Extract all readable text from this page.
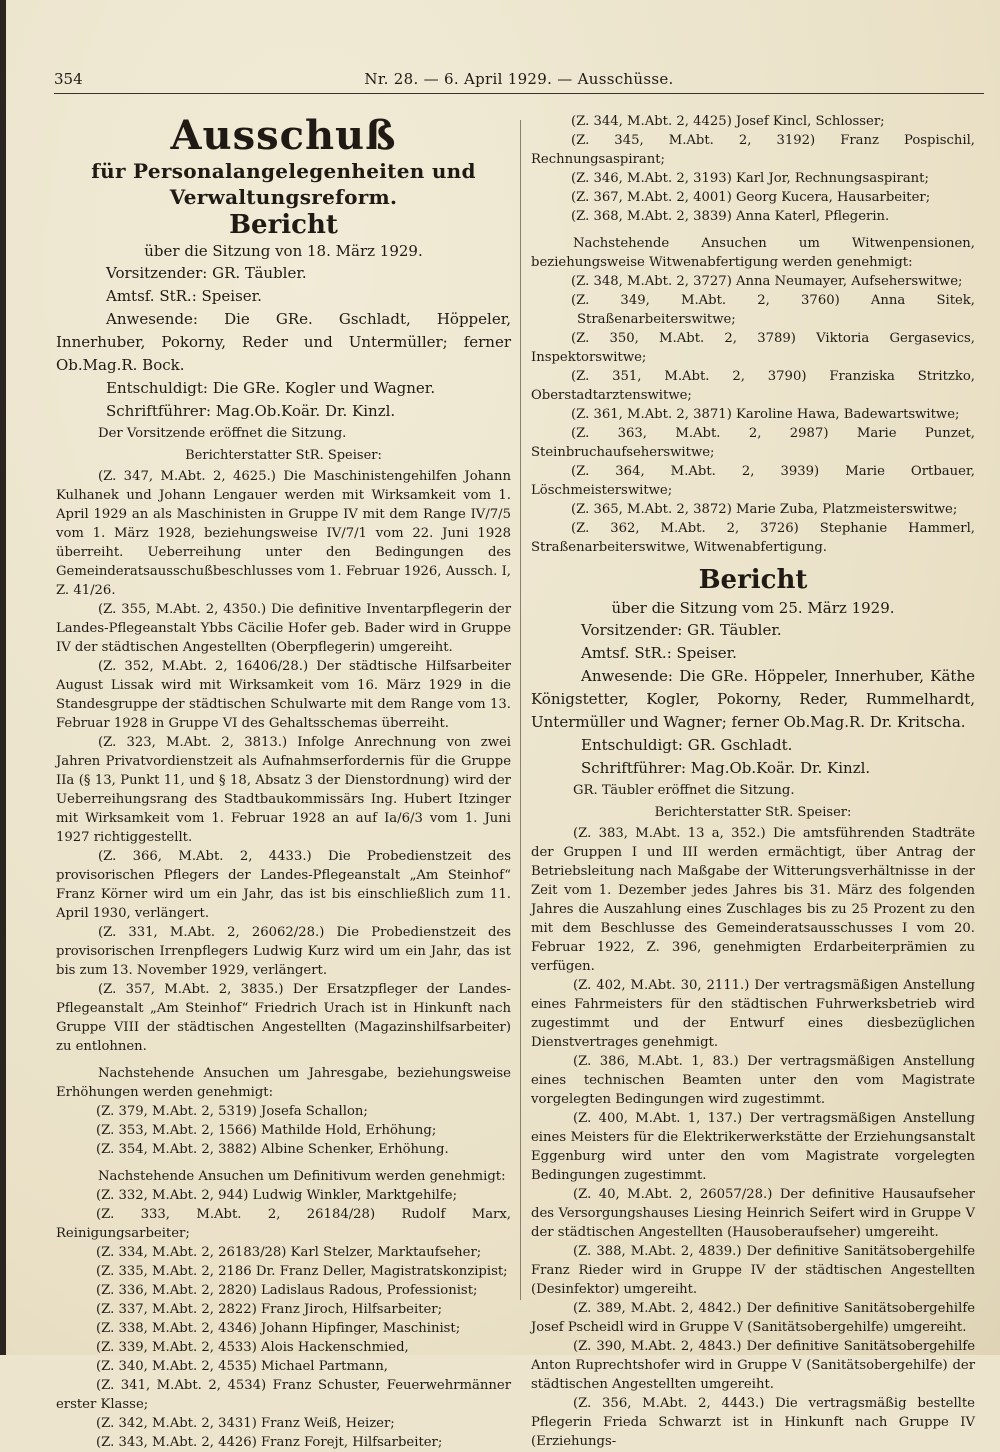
354	Nr. 28. — 6. April 1929. — Ausschüsse.
Ausschuß
für Personalangelegenheiten und Verwaltungsreform.
Bericht
über die Sitzung von 18. März 1929.
Vorsitzender: GR. Täubler.
Amtsf. StR.: Speiser.
Anwesende: Die GRe. Gschladt, Höppeler, Innerhuber, Pokorny, Reder und Untermüller; ferner Ob.Mag.R. Bock.
Entschuldigt: Die GRe. Kogler und Wagner.
Schriftführer: Mag.Ob.Koär. Dr. Kinzl.

Der Vorsitzende eröffnet die Sitzung.

Berichterstatter StR. Speiser:

(Z. 347, M.Abt. 2, 4625.) Die Maschinistengehilfen Johann Kulhanek und Johann Lengauer werden mit Wirksamkeit vom 1. April 1929 an als Maschinisten in Gruppe IV mit dem Range IV/7/5 vom 1. März 1928, beziehungsweise IV/7/1 vom 22. Juni 1928 überreiht. Ueberreihung unter den Bedingungen des Gemeinderatsausschußbeschlusses vom 1. Februar 1926, Aussch. I, Z. 41/26.

(Z. 355, M.Abt. 2, 4350.) Die definitive Inventarpflegerin der Landes-Pflegeanstalt Ybbs Cäcilie Hofer geb. Bader wird in Gruppe IV der städtischen Angestellten (Oberpflegerin) umgereiht.

(Z. 352, M.Abt. 2, 16406/28.) Der städtische Hilfsarbeiter August Lissak wird mit Wirksamkeit vom 16. März 1929 in die Standesgruppe der städtischen Schulwarte mit dem Range vom 13. Februar 1928 in Gruppe VI des Gehaltsschemas überreiht.

(Z. 323, M.Abt. 2, 3813.) Infolge Anrechnung von zwei Jahren Privatvordienstzeit als Aufnahmserfordernis für die Gruppe IIa (§ 13, Punkt 11, und § 18, Absatz 3 der Dienstordnung) wird der Ueberreihungsrang des Stadtbaukommissärs Ing. Hubert Itzinger mit Wirksamkeit vom 1. Februar 1928 an auf Ia/6/3 vom 1. Juni 1927 richtiggestellt.

(Z. 366, M.Abt. 2, 4433.) Die Probedienstzeit des provisorischen Pflegers der Landes-Pflegeanstalt „Am Steinhof“ Franz Körner wird um ein Jahr, das ist bis einschließlich zum 11. April 1930, verlängert.

(Z. 331, M.Abt. 2, 26062/28.) Die Probedienstzeit des provisorischen Irrenpflegers Ludwig Kurz wird um ein Jahr, das ist bis zum 13. November 1929, verlängert.

(Z. 357, M.Abt. 2, 3835.) Der Ersatzpfleger der Landes-Pflegeanstalt „Am Steinhof“ Friedrich Urach ist in Hinkunft nach Gruppe VIII der städtischen Angestellten (Magazinshilfsarbeiter) zu entlohnen.

Nachstehende Ansuchen um Jahresgabe, beziehungsweise Erhöhungen werden genehmigt:

(Z. 379, M.Abt. 2, 5319) Josefa Schallon;

(Z. 353, M.Abt. 2, 1566) Mathilde Hold, Erhöhung;

(Z. 354, M.Abt. 2, 3882) Albine Schenker, Erhöhung.

Nachstehende Ansuchen um Definitivum werden genehmigt:

(Z. 332, M.Abt. 2, 944) Ludwig Winkler, Marktgehilfe;

(Z. 333, M.Abt. 2, 26184/28) Rudolf Marx, Reinigungsarbeiter;

(Z. 334, M.Abt. 2, 26183/28) Karl Stelzer, Marktaufseher;

(Z. 335, M.Abt. 2, 2186 Dr. Franz Deller, Magistratskonzipist;

(Z. 336, M.Abt. 2, 2820) Ladislaus Radous, Professionist;

(Z. 337, M.Abt. 2, 2822) Franz Jiroch, Hilfsarbeiter;

(Z. 338, M.Abt. 2, 4346) Johann Hipfinger, Maschinist;

(Z. 339, M.Abt. 2, 4533) Alois Hackenschmied,

(Z. 340, M.Abt. 2, 4535) Michael Partmann,

(Z. 341, M.Abt. 2, 4534) Franz Schuster, Feuerwehrmänner erster Klasse;

(Z. 342, M.Abt. 2, 3431) Franz Weiß, Heizer;

(Z. 343, M.Abt. 2, 4426) Franz Forejt, Hilfsarbeiter;

(Z. 344, M.Abt. 2, 4425) Josef Kincl, Schlosser;

(Z. 345, M.Abt. 2, 3192) Franz Pospischil, Rechnungsaspirant;

(Z. 346, M.Abt. 2, 3193) Karl Jor, Rechnungsaspirant;

(Z. 367, M.Abt. 2, 4001) Georg Kucera, Hausarbeiter;

(Z. 368, M.Abt. 2, 3839) Anna Katerl, Pflegerin.

Nachstehende Ansuchen um Witwenpensionen, beziehungsweise Witwenabfertigung werden genehmigt:

(Z. 348, M.Abt. 2, 3727) Anna Neumayer, Aufseherswitwe;

(Z. 349, M.Abt. 2, 3760) Anna Sitek, Straßenarbeiterswitwe;

(Z. 350, M.Abt. 2, 3789) Viktoria Gergasevics, Inspektorswitwe;

(Z. 351, M.Abt. 2, 3790) Franziska Stritzko, Oberstadtarztenswitwe;

(Z. 361, M.Abt. 2, 3871) Karoline Hawa, Badewartswitwe;

(Z. 363, M.Abt. 2, 2987) Marie Punzet, Steinbruchaufseherswitwe;

(Z. 364, M.Abt. 2, 3939) Marie Ortbauer, Löschmeisterswitwe;

(Z. 365, M.Abt. 2, 3872) Marie Zuba, Platzmeisterswitwe;

(Z. 362, M.Abt. 2, 3726) Stephanie Hammerl, Straßenarbeiterswitwe, Witwenabfertigung.

Bericht
über die Sitzung vom 25. März 1929.
Vorsitzender: GR. Täubler.
Amtsf. StR.: Speiser.
Anwesende: Die GRe. Höppeler, Innerhuber, Käthe Königstetter, Kogler, Pokorny, Reder, Rummelhardt, Untermüller und Wagner; ferner Ob.Mag.R. Dr. Kritscha.
Entschuldigt: GR. Gschladt.
Schriftführer: Mag.Ob.Koär. Dr. Kinzl.

GR. Täubler eröffnet die Sitzung.

Berichterstatter StR. Speiser:

(Z. 383, M.Abt. 13 a, 352.) Die amtsführenden Stadträte der Gruppen I und III werden ermächtigt, über Antrag der Betriebsleitung nach Maßgabe der Witterungsverhältnisse in der Zeit vom 1. Dezember jedes Jahres bis 31. März des folgenden Jahres die Auszahlung eines Zuschlages bis zu 25 Prozent zu den mit dem Beschlusse des Gemeinderatsausschusses I vom 20. Februar 1922, Z. 396, genehmigten Erdarbeiterprämien zu verfügen.

(Z. 402, M.Abt. 30, 2111.) Der vertragsmäßigen Anstellung eines Fahrmeisters für den städtischen Fuhrwerksbetrieb wird zugestimmt und der Entwurf eines diesbezüglichen Dienstvertrages genehmigt.

(Z. 386, M.Abt. 1, 83.) Der vertragsmäßigen Anstellung eines technischen Beamten unter den vom Magistrate vorgelegten Bedingungen wird zugestimmt.

(Z. 400, M.Abt. 1, 137.) Der vertragsmäßigen Anstellung eines Meisters für die Elektrikerwerkstätte der Erziehungsanstalt Eggenburg wird unter den vom Magistrate vorgelegten Bedingungen zugestimmt.

(Z. 40, M.Abt. 2, 26057/28.) Der definitive Hausaufseher des Versorgungshauses Liesing Heinrich Seifert wird in Gruppe V der städtischen Angestellten (Hausoberaufseher) umgereiht.

(Z. 388, M.Abt. 2, 4839.) Der definitive Sanitätsobergehilfe Franz Rieder wird in Gruppe IV der städtischen Angestellten (Desinfektor) umgereiht.

(Z. 389, M.Abt. 2, 4842.) Der definitive Sanitätsobergehilfe Josef Pscheidl wird in Gruppe V (Sanitätsobergehilfe) umgereiht.

(Z. 390, M.Abt. 2, 4843.) Der definitive Sanitätsobergehilfe Anton Ruprechtshofer wird in Gruppe V (Sanitätsobergehilfe) der städtischen Angestellten umgereiht.

(Z. 356, M.Abt. 2, 4443.) Die vertragsmäßig bestellte Pflegerin Frieda Schwarzt ist in Hinkunft nach Gruppe IV (Erziehungs-
